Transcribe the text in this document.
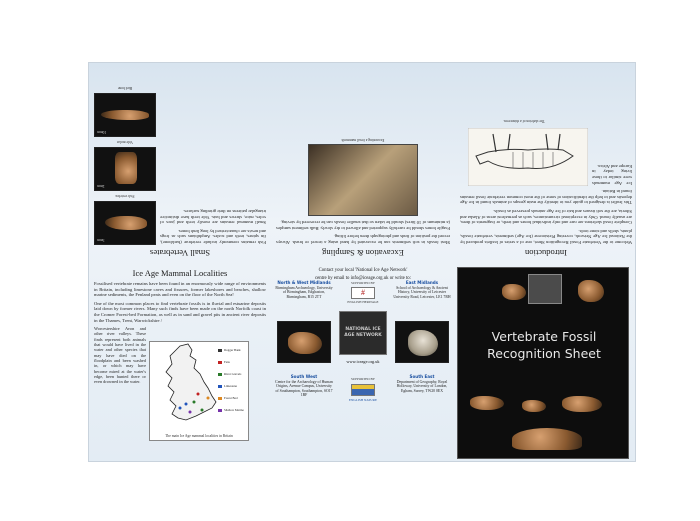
Introduction
Welcome to the Vertebrate Fossil Recognition Sheet, one of a series of leaflets produced by the National Ice Age Network, covering Pleistocene (Ice Age) sediments, vertebrate fossils, plants, shells and stone tools.
Complete fossil skeletons are rare and only individual bones and teeth, or fragments of them, are usually found. Only in exceptional circumstances, such as permafrost areas of Alaska and Siberia, are the soft tissues and hair of Ice Age animals preserved as fossils.
This leaflet is designed to guide you to identify the main groups of animals found in Ice Age deposits and to help the identification of some of the most common vertebrate fossil remains found in Britain.
Ice Age mammals were similar to those living today in Europe and Africa.
The skeleton of a rhinoceros.
Excavation & Sampling
Most fossils in soft sediments can be excavated by hand using a trowel or brush. Always record the position of finds and photograph them before lifting.
Fragile bones should be carefully supported and allowed to dry slowly. Bulk sediment samples (a minimum of 10 litres) should be taken so that smaller fossils can be recovered by sieving.
Excavating a fossil mammoth
Small Vertebrates
Fish remains commonly include vertebrae (backbone), fin spines, teeth and scales. Amphibians such as frogs and newts are characterised by long limb bones.
Small mammal remains are mostly teeth and jaws of voles, mice, shrews and bats. Vole teeth have distinctive triangular patterns on their grinding surfaces.
5mm
Fish vertebra
2mm
Vole molar
10mm
Bird bone
Ice Age Mammal Localities
Fossilised vertebrate remains have been found in an enormously wide range of environments in Britain, including limestone caves and fissures, former lakeshores and beaches, shallow marine sediments, the Fenland peats and even on the floor of the North Sea!
One of the most common places to find vertebrate fossils is in fluvial and estuarine deposits laid down by former rivers. Many such finds have been made on the north Norfolk coast in the Cromer Forest-bed Formation, as well as in sand and gravel pits in ancient river deposits in the Thames, Trent, Warwickshire /
Worcestershire Avon and other river valleys. These finds represent both animals that would have lived in the water and other species that may have died on the floodplain and been washed in, or which may have become mired at the water's edge, been hunted there or even drowned in the water.
Dogger Bank
Fens
River Gravels
Limestone
Forest Bed
Shallow Marine
The main Ice Age mammal localities in Britain
Contact your local 'National Ice Age Network'
centre by email to info@iceage.org.uk or write to:
North & West Midlands
Birmingham Archaeology, University of Birmingham, Edgbaston, Birmingham, B15 2TT
East Midlands
School of Archaeology & Ancient History, University of Leicester University Road, Leicester, LE1 7RH
SUPPORTED BY
#
ENGLISH HERITAGE
NATIONAL ICE AGE NETWORK
www.iceage.org.uk
South West
Centre for the Archaeology of Human Origins, Avenue Campus, University of Southampton, Southampton, SO17 1BF
SUPPORTED BY
ENGLISH NATURE
South East
Department of Geography, Royal Holloway, University of London, Egham, Surrey, TW20 0EX
Vertebrate Fossil Recognition Sheet
